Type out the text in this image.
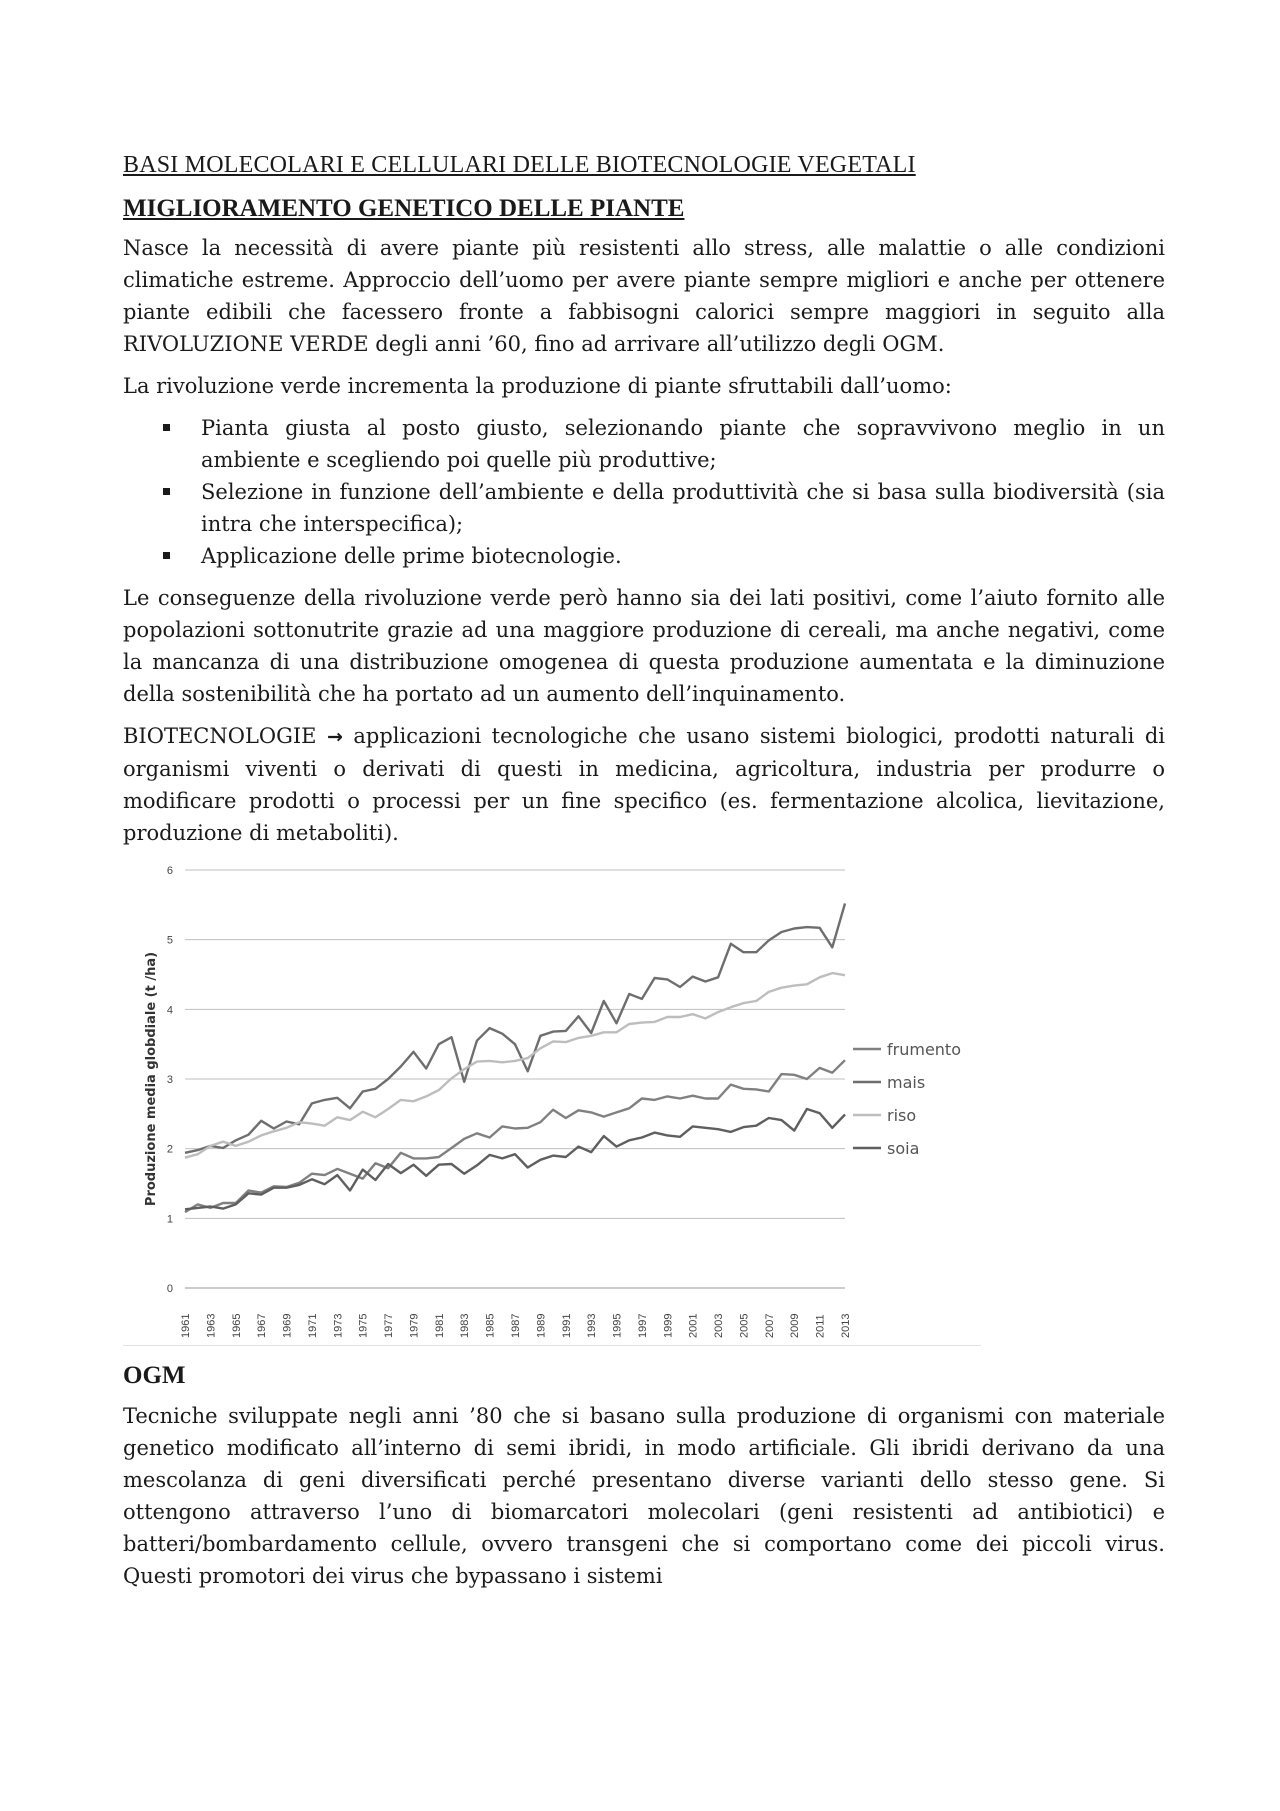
BASI MOLECOLARI E CELLULARI DELLE BIOTECNOLOGIE VEGETALI
MIGLIORAMENTO GENETICO DELLE PIANTE

Nasce la necessità di avere piante più resistenti allo stress, alle malattie o alle condizioni climatiche estreme. Approccio dell’uomo per avere piante sempre migliori e anche per ottenere piante edibili che facessero fronte a fabbisogni calorici sempre maggiori in seguito alla RIVOLUZIONE VERDE degli anni ’60, fino ad arrivare all’utilizzo degli OGM.

La rivoluzione verde incrementa la produzione di piante sfruttabili dall’uomo:

Pianta giusta al posto giusto, selezionando piante che sopravvivono meglio in un ambiente e scegliendo poi quelle più produttive;
Selezione in funzione dell’ambiente e della produttività che si basa sulla biodiversità (sia intra che interspecifica);
Applicazione delle prime biotecnologie.

Le conseguenze della rivoluzione verde però hanno sia dei lati positivi, come l’aiuto fornito alle popolazioni sottonutrite grazie ad una maggiore produzione di cereali, ma anche negativi, come la mancanza di una distribuzione omogenea di questa produzione aumentata e la diminuzione della sostenibilità che ha portato ad un aumento dell’inquinamento.

BIOTECNOLOGIE → applicazioni tecnologiche che usano sistemi biologici, prodotti naturali di organismi viventi o derivati di questi in medicina, agricoltura, industria per produrre o modificare prodotti o processi per un fine specifico (es. fermentazione alcolica, lievitazione, produzione di metaboliti).

0
1
2
3
4
5
6
1961 1963 1965 1967 1969 1971 1973 1975 1977 1979 1981 1983 1985 1987 1989 1991 1993 1995 1997 1999 2001 2003 2005 2007 2009 2011 2013
Produzione media globdiale (t /ha)	frumento
mais
riso
soia
OGM

Tecniche sviluppate negli anni ’80 che si basano sulla produzione di organismi con materiale genetico modificato all’interno di semi ibridi, in modo artificiale. Gli ibridi derivano da una mescolanza di geni diversificati perché presentano diverse varianti dello stesso gene. Si ottengono attraverso l’uno di biomarcatori molecolari (geni resistenti ad antibiotici) e batteri/bombardamento cellule, ovvero transgeni che si comportano come dei piccoli virus. Questi promotori dei virus che bypassano i sistemi
